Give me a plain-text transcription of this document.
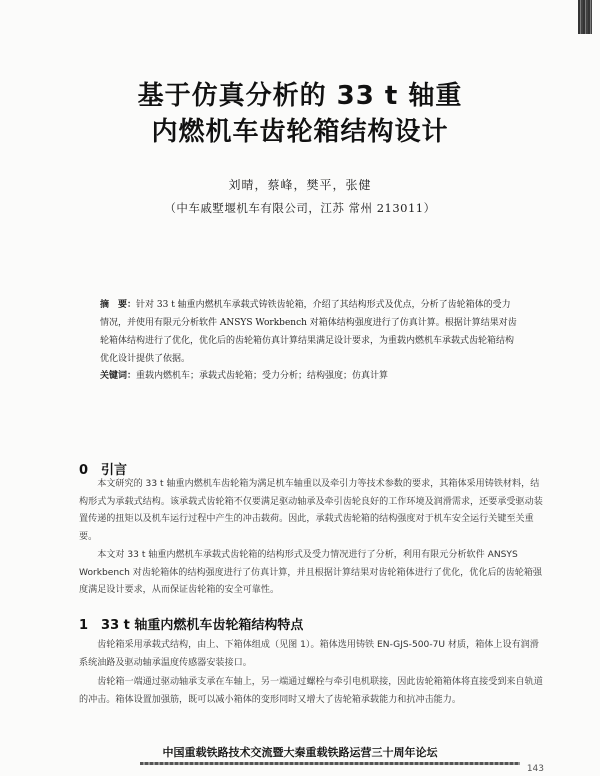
基于仿真分析的 33 t 轴重
内燃机车齿轮箱结构设计
刘晴，蔡峰，樊平，张健
（中车戚墅堰机车有限公司，江苏 常州 213011）
摘　要：针对 33 t 轴重内燃机车承载式铸铁齿轮箱，介绍了其结构形式及优点，分析了齿轮箱体的受力情况，并使用有限元分析软件 ANSYS Workbench 对箱体结构强度进行了仿真计算。根据计算结果对齿轮箱体结构进行了优化，优化后的齿轮箱仿真计算结果满足设计要求，为重载内燃机车承载式齿轮箱结构优化设计提供了依据。
关键词：重载内燃机车；承载式齿轮箱；受力分析；结构强度；仿真计算
0　引言

本文研究的 33 t 轴重内燃机车齿轮箱为满足机车轴重以及牵引力等技术参数的要求，其箱体采用铸铁材料，结构形式为承载式结构。该承载式齿轮箱不仅要满足驱动轴承及牵引齿轮良好的工作环境及润滑需求，还要承受驱动装置传递的扭矩以及机车运行过程中产生的冲击载荷。因此，承载式齿轮箱的结构强度对于机车安全运行关键至关重要。

本文对 33 t 轴重内燃机车承载式齿轮箱的结构形式及受力情况进行了分析，利用有限元分析软件 ANSYS Workbench 对齿轮箱体的结构强度进行了仿真计算，并且根据计算结果对齿轮箱体进行了优化，优化后的齿轮箱强度满足设计要求，从而保证齿轮箱的安全可靠性。

1　33 t 轴重内燃机车齿轮箱结构特点

齿轮箱采用承载式结构，由上、下箱体组成（见图 1）。箱体选用铸铁 EN-GJS-500-7U 材质，箱体上设有润滑系统油路及驱动轴承温度传感器安装接口。

齿轮箱一端通过驱动轴承支承在车轴上，另一端通过螺栓与牵引电机联接，因此齿轮箱箱体将直接受到来自轨道的冲击。箱体设置加强筋，既可以减小箱体的变形同时又增大了齿轮箱承载能力和抗冲击能力。

中国重载铁路技术交流暨大秦重载铁路运营三十周年论坛
143
